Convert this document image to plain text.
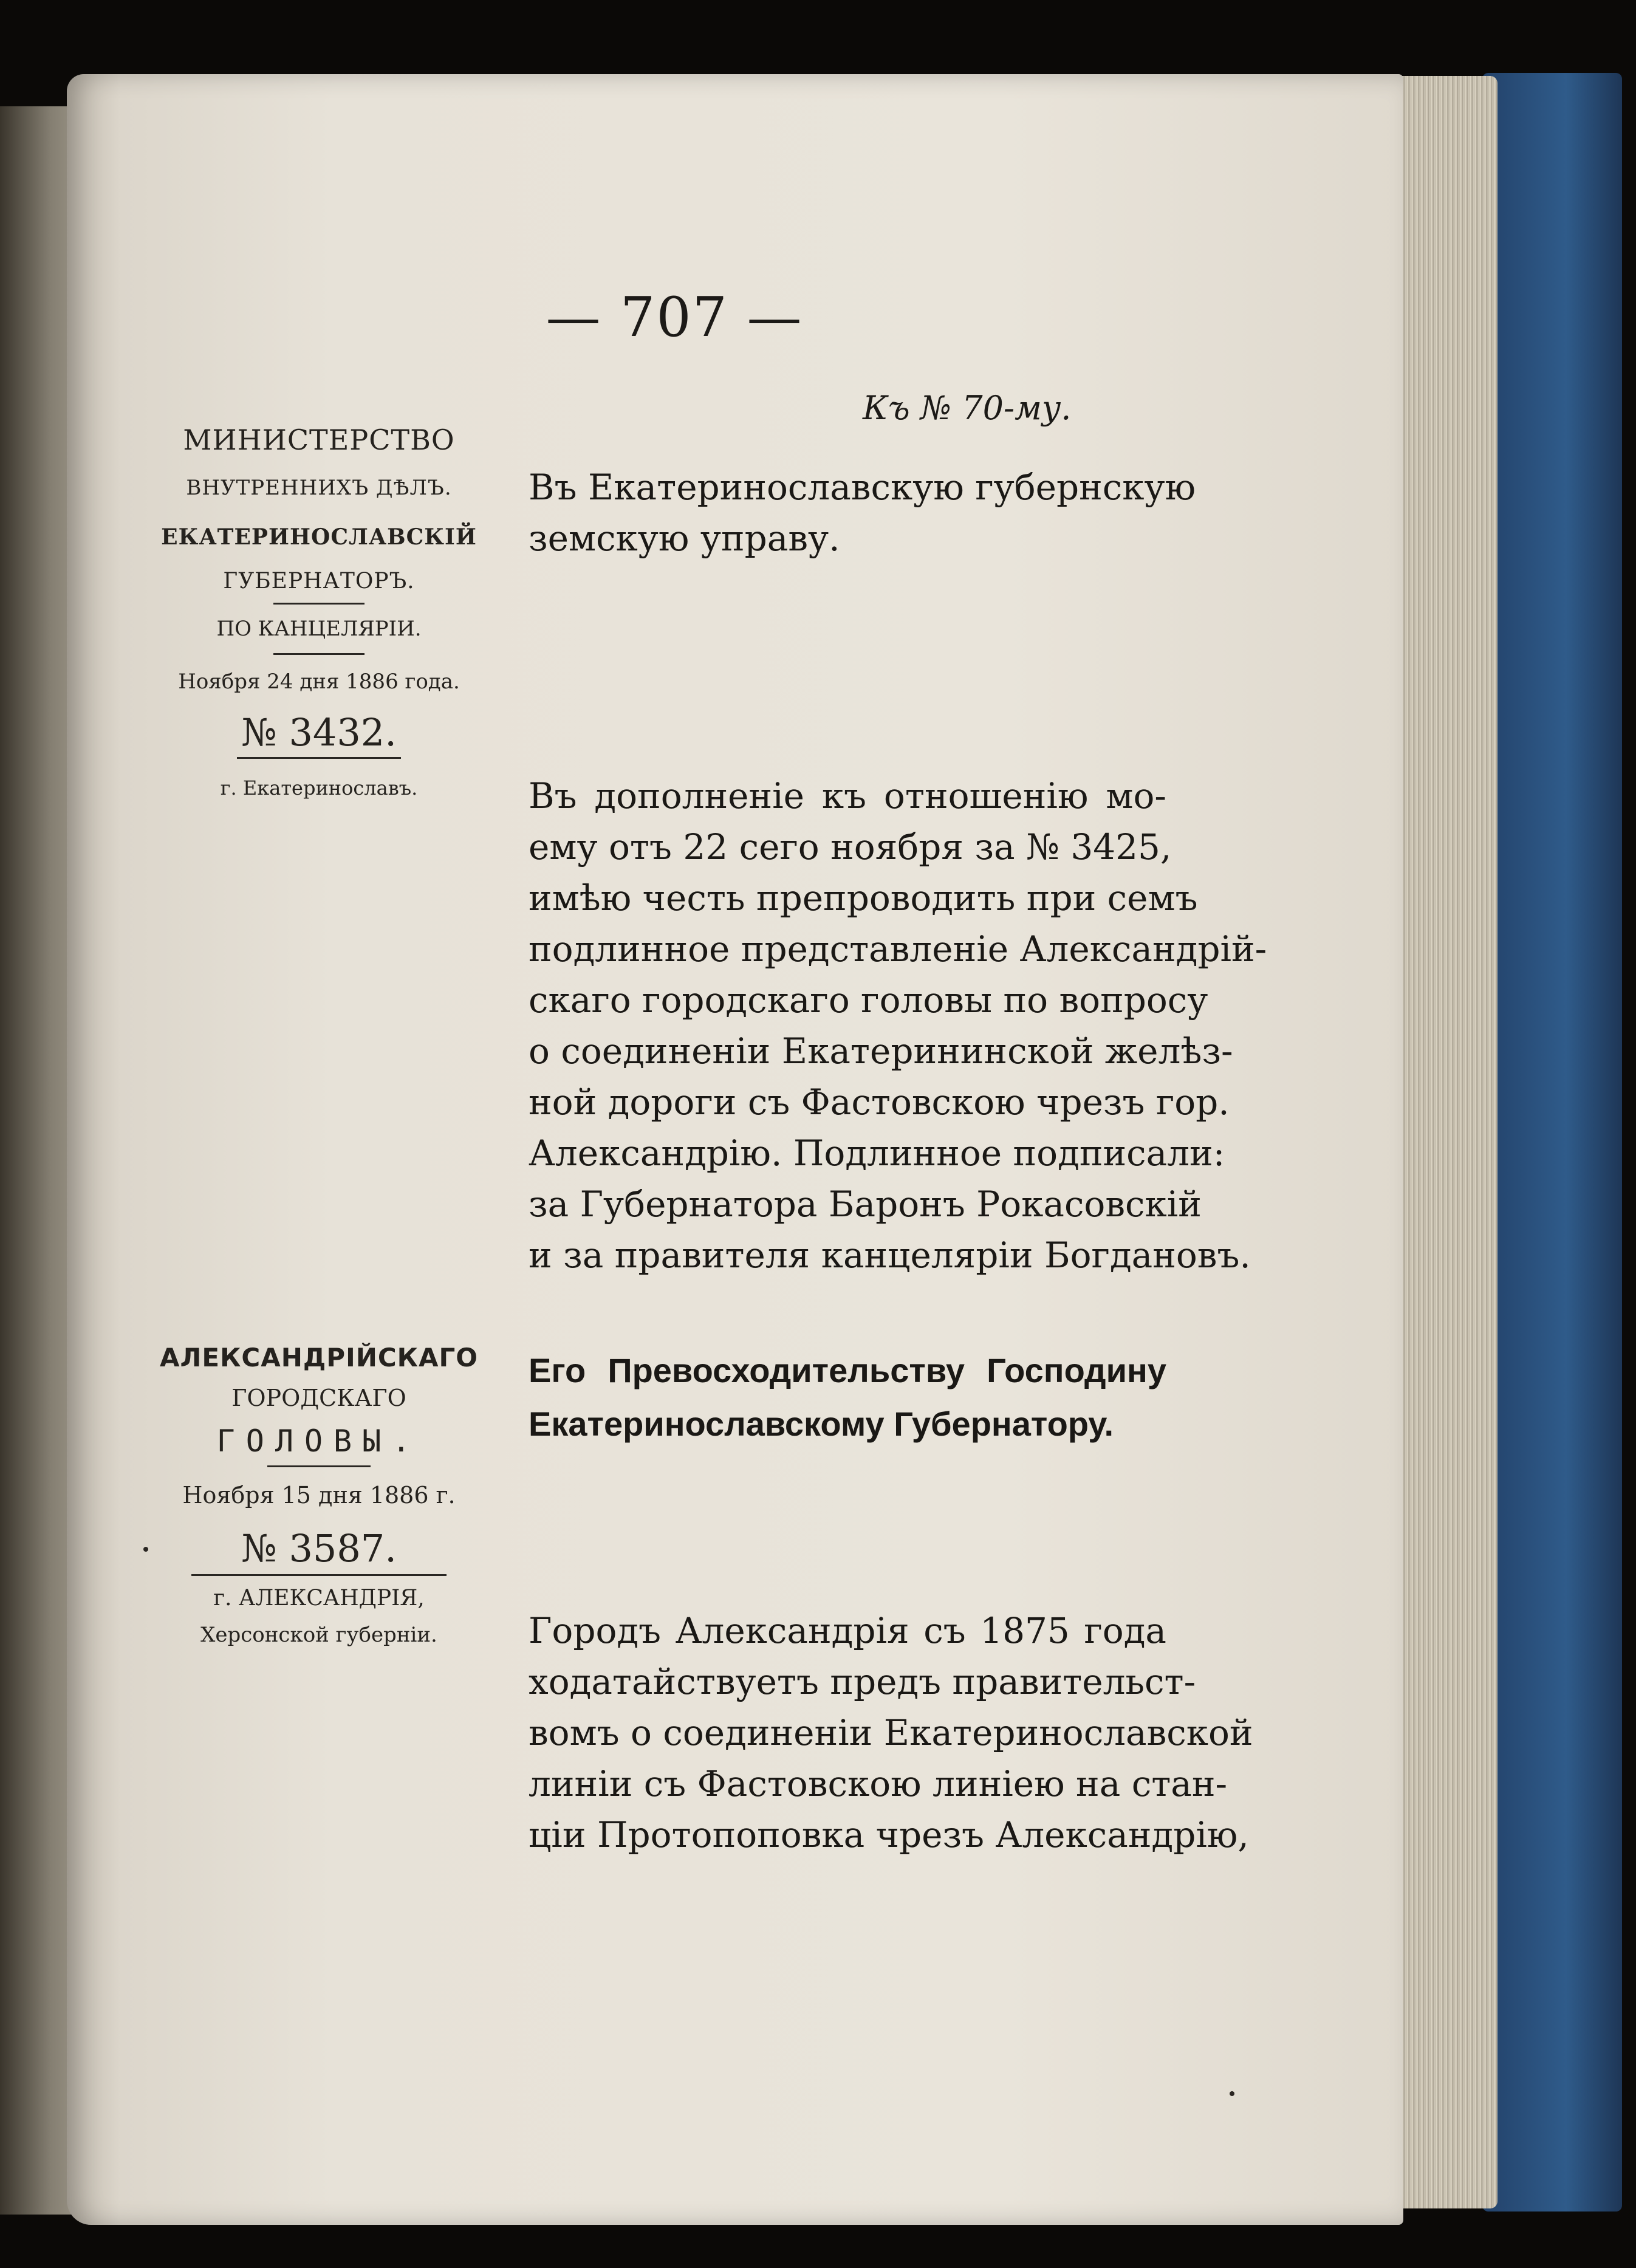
— 707 —
Къ № 70-му.
МИНИСТЕРСТВО
ВНУТРЕННИХЪ ДѢЛЪ.
ЕКАТЕРИНОСЛАВСКІЙ
ГУБЕРНАТОРЪ.
ПО КАНЦЕЛЯРІИ.
Ноября 24 дня 1886 года.
№ 3432.
г. Екатеринославъ.
Въ Екатеринославскую губернскую
земскую управу.
Въ дополненіе къ отношенію мо-
ему отъ 22 сего ноября за № 3425,
имѣю честь препроводить при семъ
подлинное представленіе Александрій-
скаго городскаго головы по вопросу
о соединеніи Екатерининской желѣз-
ной дороги съ Фастовскою чрезъ гор.
Александрію. Подлинное подписали:
за Губернатора Баронъ Рокасовскій
и за правителя канцеляріи Богдановъ.
АЛЕКСАНДРІЙСКАГО
ГОРОДСКАГО
ГОЛОВЫ.
Ноября 15 дня 1886 г.
№ 3587.
г. АЛЕКСАНДРІЯ,
Херсонской губерніи.
Его Превосходительству Господину
Екатеринославскому Губернатору.
Городъ Александрія съ 1875 года
ходатайствуетъ предъ правительст-
вомъ о соединеніи Екатеринославской
линіи съ Фастовскою линіею на стан-
ціи Протопоповка чрезъ Александрію,
